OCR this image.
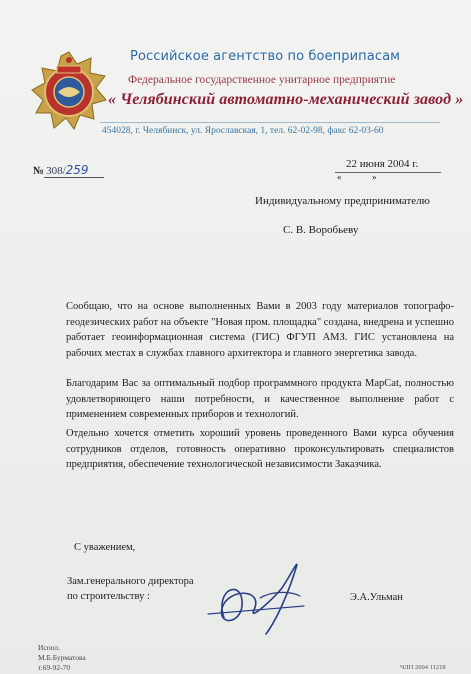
Российское агентство по боеприпасам
Федеральное государственное унитарное предприятие
« Челябинский автоматно-механический завод »
454028, г. Челябинск, ул. Ярославская, 1, тел. 62-02-98, факс 62-03-60
№ 308/259	22 июня 2004 г.
«	»
Индивидуальному предпринимателю
С. В. Воробьеву

Сообщаю, что на основе выполненных Вами в 2003 году материалов топографо-геодезических работ на объекте "Новая пром. площадка" создана, внедрена и успешно работает геоинформационная система (ГИС) ФГУП АМЗ. ГИС установлена на рабочих местах в службах главного архитектора и главного энергетика завода.

Благодарим Вас за оптимальный подбор программного продукта MapCat, полностью удовлетворяющего наши потребности, и качественное выполнение работ с применением современных приборов и технологий.

Отдельно хочется отметить хороший уровень проведенного Вами курса обучения сотрудников отделов, готовность оперативно проконсультировать специалистов предприятия, обеспечение технологической независимости Заказчика.

С уважением,
Зам.генерального директора
по строительству :	Э.А.Ульман
Испол.
М.Б.Бурматова
т.69-92-70	ЧЛП 2004 11218
